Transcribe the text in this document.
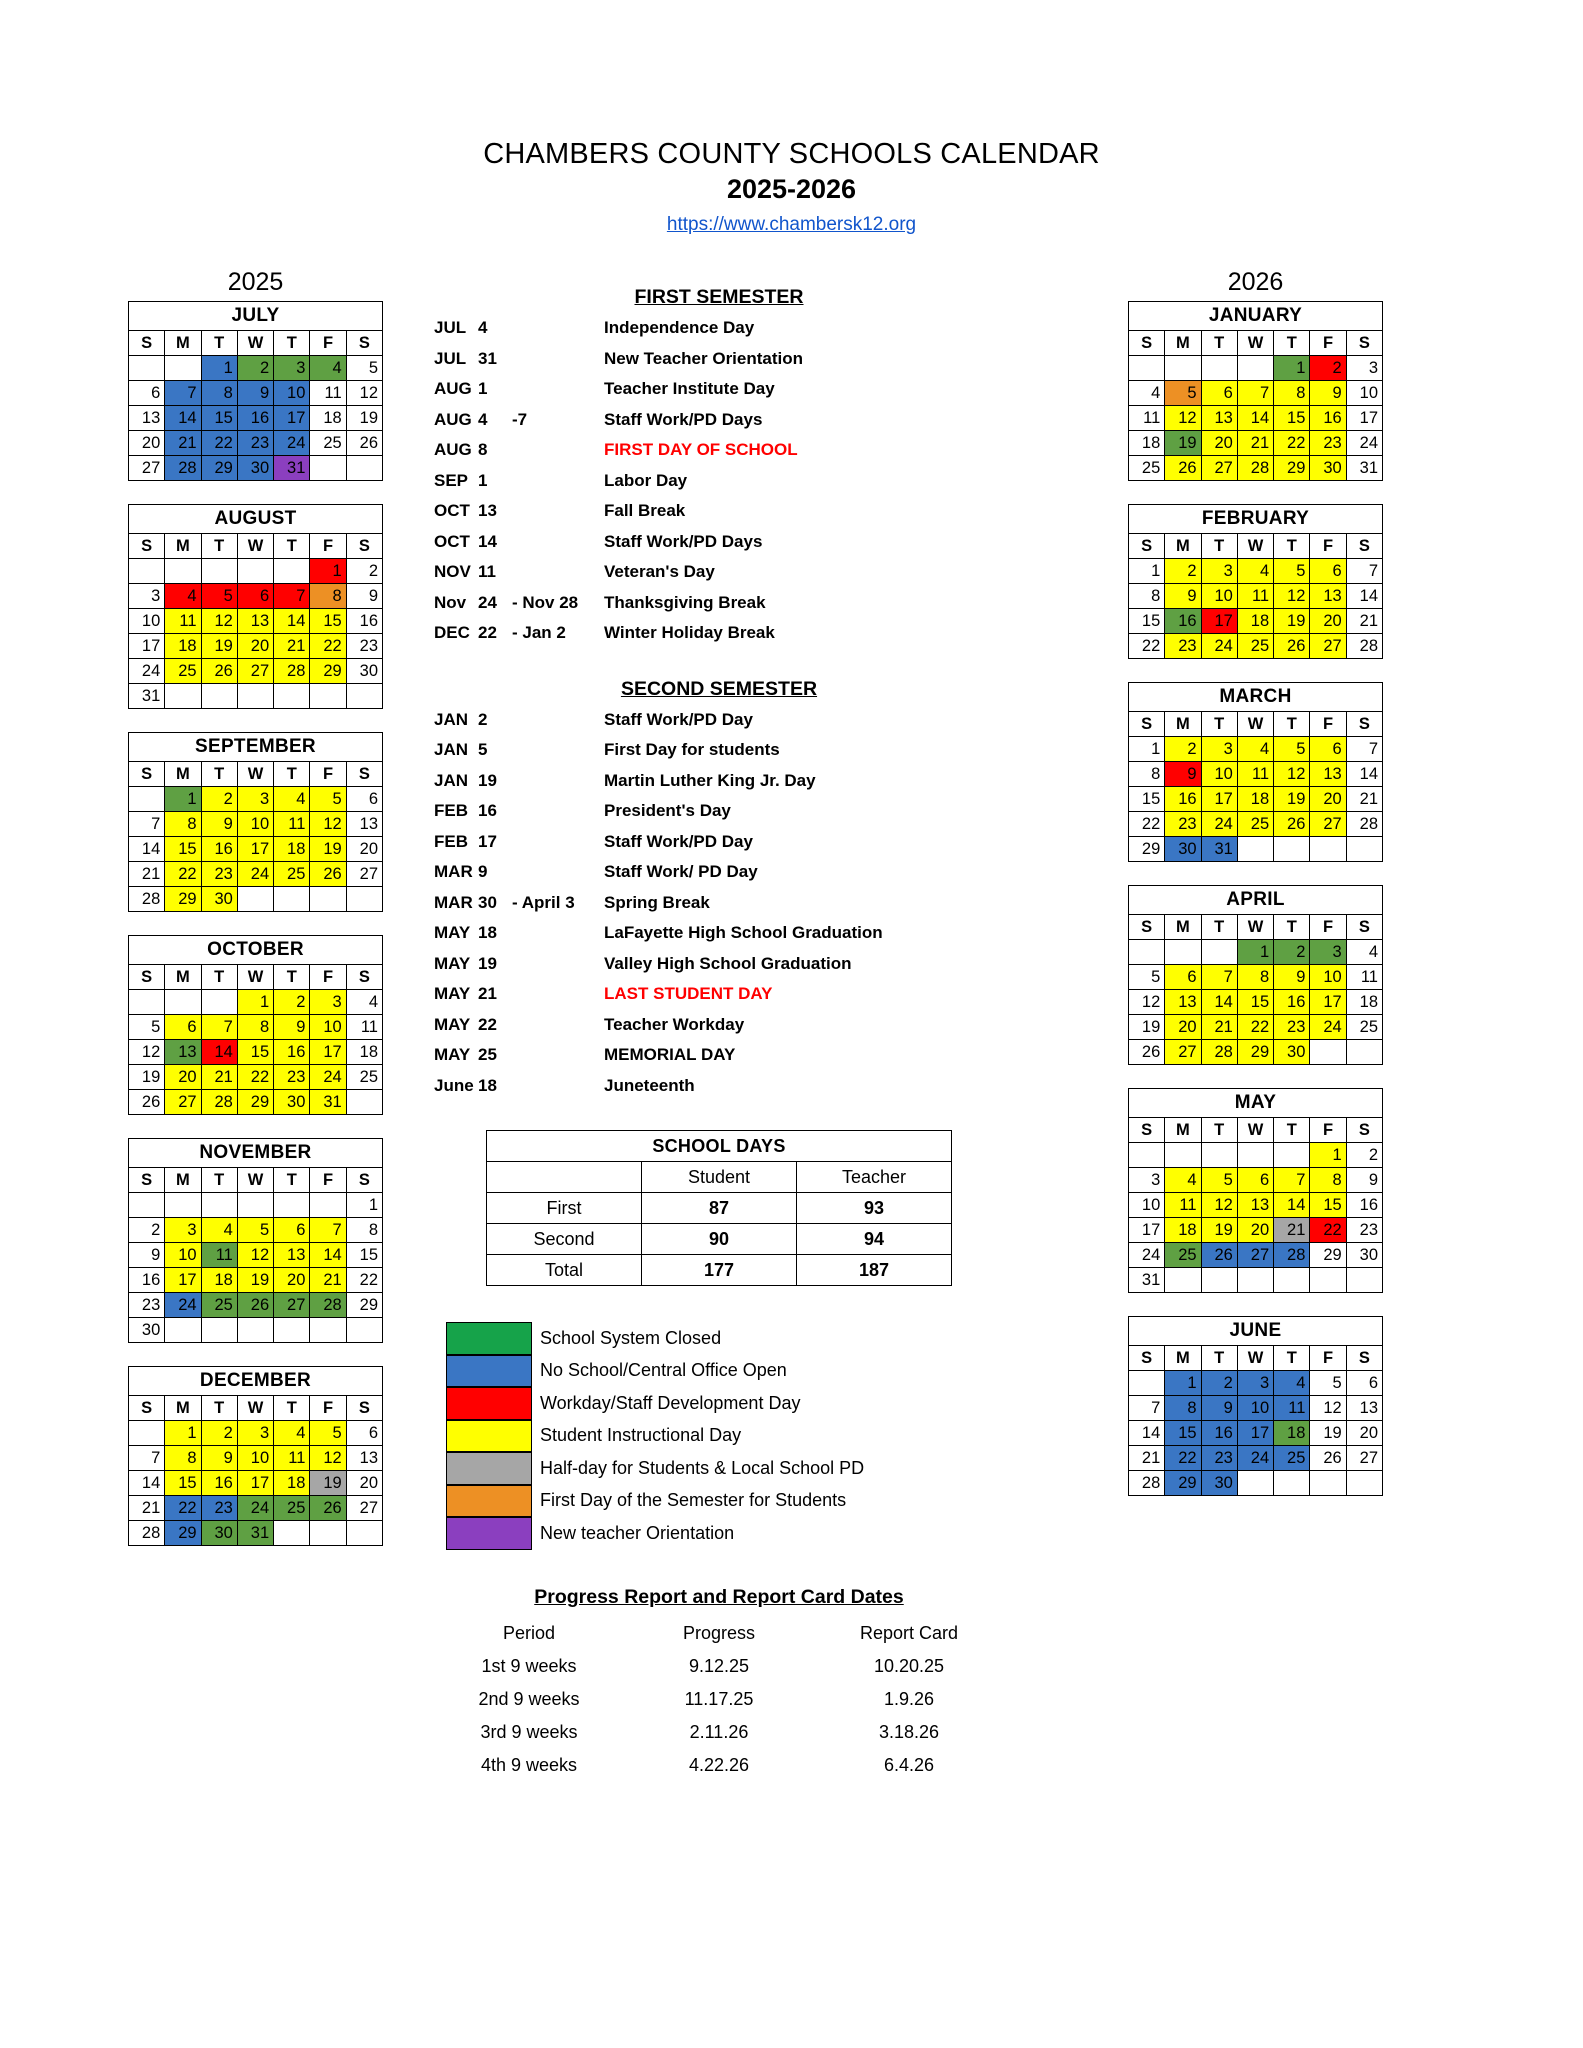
CHAMBERS COUNTY SCHOOLS CALENDAR
2025-2026
https://www.chambersk12.org
2025
JULY						
S	M	T	W	T	F	S
		1	2	3	4	5
6	7	8	9	10	11	12
13	14	15	16	17	18	19
20	21	22	23	24	25	26
27	28	29	30	31		
AUGUST						
S	M	T	W	T	F	S
					1	2
3	4	5	6	7	8	9
10	11	12	13	14	15	16
17	18	19	20	21	22	23
24	25	26	27	28	29	30
31						
SEPTEMBER						
S	M	T	W	T	F	S
	1	2	3	4	5	6
7	8	9	10	11	12	13
14	15	16	17	18	19	20
21	22	23	24	25	26	27
28	29	30				
OCTOBER						
S	M	T	W	T	F	S
			1	2	3	4
5	6	7	8	9	10	11
12	13	14	15	16	17	18
19	20	21	22	23	24	25
26	27	28	29	30	31	
NOVEMBER						
S	M	T	W	T	F	S
						1
2	3	4	5	6	7	8
9	10	11	12	13	14	15
16	17	18	19	20	21	22
23	24	25	26	27	28	29
30						
DECEMBER						
S	M	T	W	T	F	S
	1	2	3	4	5	6
7	8	9	10	11	12	13
14	15	16	17	18	19	20
21	22	23	24	25	26	27
28	29	30	31			
FIRST SEMESTER
JUL	4		Independence Day
JUL	31		New Teacher Orientation
AUG	1		Teacher Institute Day
AUG	4	-7	Staff Work/PD Days
AUG	8		FIRST DAY OF SCHOOL
SEP	1		Labor Day
OCT	13		Fall Break
OCT	14		Staff Work/PD Days
NOV	11		Veteran's Day
Nov	24	- Nov 28	Thanksgiving Break
DEC	22	- Jan 2	Winter Holiday Break
SECOND SEMESTER
JAN	2		Staff Work/PD Day
JAN	5		First Day for students
JAN	19		Martin Luther King Jr. Day
FEB	16		President's Day
FEB	17		Staff Work/PD Day
MAR	9		Staff Work/ PD Day
MAR	30	- April 3	Spring Break
MAY	18		LaFayette High School Graduation
MAY	19		Valley High School Graduation
MAY	21		LAST STUDENT DAY
MAY	22		Teacher Workday
MAY	25		MEMORIAL DAY
June	18		Juneteenth
SCHOOL DAYS		
	Student	Teacher
First	87	93
Second	90	94
Total	177	187
School System Closed
No School/Central Office Open
Workday/Staff Development Day
Student Instructional Day
Half-day for Students & Local School PD
First Day of the Semester for Students
New teacher Orientation
Progress Report and Report Card Dates
Period	Progress	Report Card
1st 9 weeks	9.12.25	10.20.25
2nd 9 weeks	11.17.25	1.9.26
3rd 9 weeks	2.11.26	3.18.26
4th 9 weeks	4.22.26	6.4.26
2026
JANUARY						
S	M	T	W	T	F	S
				1	2	3
4	5	6	7	8	9	10
11	12	13	14	15	16	17
18	19	20	21	22	23	24
25	26	27	28	29	30	31
FEBRUARY						
S	M	T	W	T	F	S
1	2	3	4	5	6	7
8	9	10	11	12	13	14
15	16	17	18	19	20	21
22	23	24	25	26	27	28
MARCH						
S	M	T	W	T	F	S
1	2	3	4	5	6	7
8	9	10	11	12	13	14
15	16	17	18	19	20	21
22	23	24	25	26	27	28
29	30	31				
APRIL						
S	M	T	W	T	F	S
			1	2	3	4
5	6	7	8	9	10	11
12	13	14	15	16	17	18
19	20	21	22	23	24	25
26	27	28	29	30		
MAY						
S	M	T	W	T	F	S
					1	2
3	4	5	6	7	8	9
10	11	12	13	14	15	16
17	18	19	20	21	22	23
24	25	26	27	28	29	30
31						
JUNE						
S	M	T	W	T	F	S
	1	2	3	4	5	6
7	8	9	10	11	12	13
14	15	16	17	18	19	20
21	22	23	24	25	26	27
28	29	30				
